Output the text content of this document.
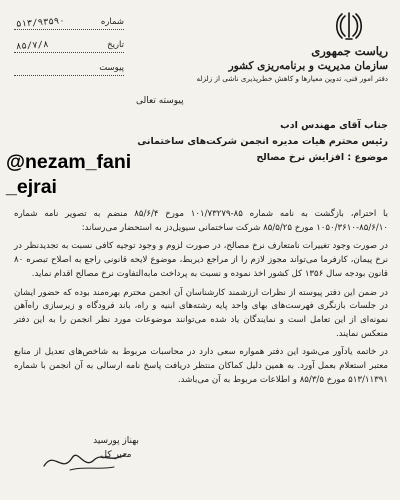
ریاست جمهوری
سازمان مدیریت و برنامه‌ریزی کشور
دفتر امور فنی، تدوین معیارها و کاهش خطرپذیری ناشی از زلزله
شماره
۵۱۳/۹۳۵۹۰
تاریخ
۸۵/۷/۸
پیوست
پیوسته تعالی
جناب آقای مهندس ادب
رئیس محترم هیات مدیره انجمن شرکت‌های ساختمانی
موضوع : افزایش نرخ مصالح
@nezam_fani
_ejrai

با احترام، بازگشت به نامه شماره ۸۵-۱۰۱/۷۳۲۷۹ مورخ ۸۵/۶/۴ منضم به تصویر نامه شماره ۸۵/۶/۱۰-۱۰۵۰/۳۶۱۰ مورخ ۸۵/۵/۲۵ شرکت ساختمانی سیویل‌دز به استحضار می‌رساند:

در صورت وجود تغییرات نامتعارف نرخ مصالح، در صورت لزوم و وجود توجیه کافی نسبت به تجدیدنظر در نرخ پیمان، کارفرما می‌تواند مجوز لازم را از مراجع ذیربط، موضوع لایحه قانونی راجع به اصلاح تبصره ۸۰ قانون بودجه سال ۱۳۵۶ کل کشور اخذ نموده و نسبت به پرداخت مابه‌التفاوت نرخ مصالح اقدام نماید.

در ضمن این دفتر پیوسته از نظرات ارزشمند کارشناسان آن انجمن محترم بهره‌مند بوده که حضور ایشان در جلسات بازنگری فهرست‌های بهای واحد پایه رشته‌های ابنیه و راه، باند فرودگاه و زیرسازی راه‌آهن نمونه‌ای از این تعامل است و نمایندگان یاد شده می‌توانند موضوعات مورد نظر انجمن را به این دفتر منعکس نمایند.

در خاتمه یادآور می‌شود این دفتر همواره سعی دارد در محاسبات مربوط به شاخص‌های تعدیل از منابع معتبر استعلام بعمل آورد. به همین دلیل کماکان منتظر دریافت پاسخ نامه ارسالی به آن انجمن با شماره ۵۱۳/۱۱۳۹۱ مورخ ۸۵/۳/۵ و اطلاعات مربوط به آن می‌باشد.

بهناز پورسید
مدیر کل
